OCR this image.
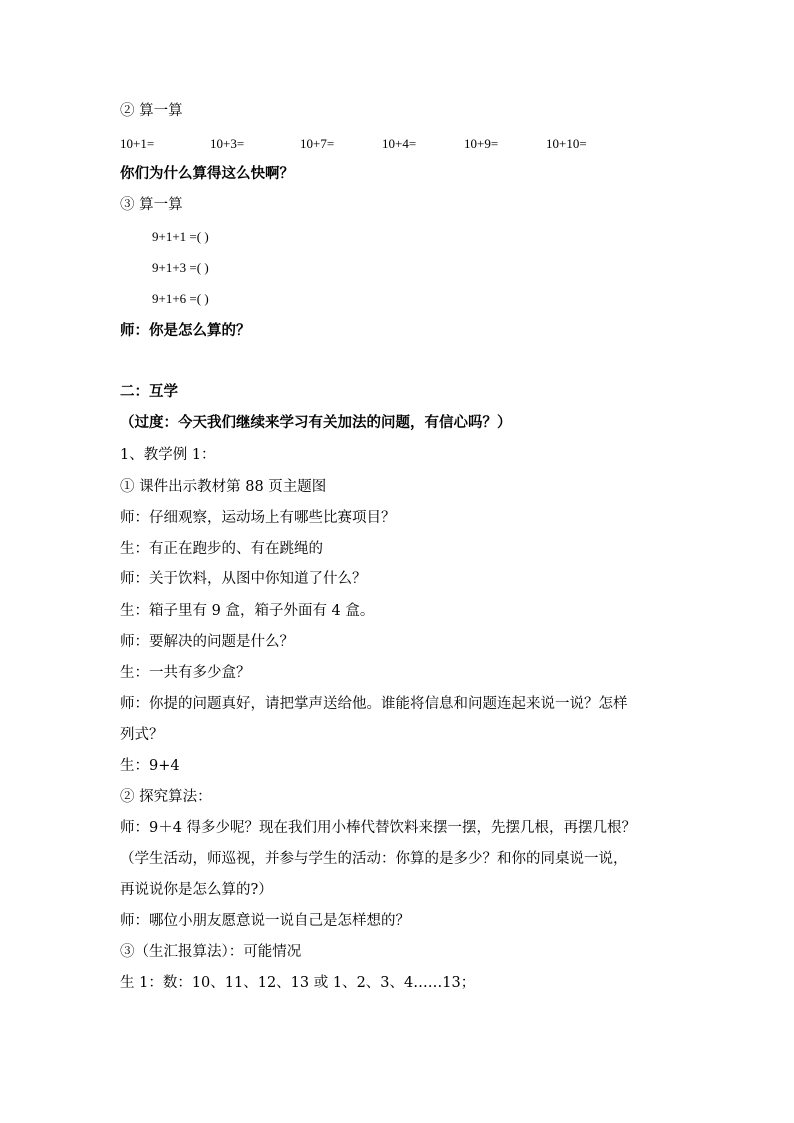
② 算一算
10+1=	10+3=	10+7=	10+4=	10+9=	10+10=
你们为什么算得这么快啊？
③ 算一算
9+1+1 =( )
9+1+3 =( )
9+1+6 =( )
师：你是怎么算的？
二：互学
（过度：今天我们继续来学习有关加法的问题，有信心吗？）
1、教学例 1：
① 课件出示教材第 88 页主题图
师：仔细观察，运动场上有哪些比赛项目？
生：有正在跑步的、有在跳绳的
师：关于饮料，从图中你知道了什么？
生：箱子里有 9 盒，箱子外面有 4 盒。
师：要解决的问题是什么？
生：一共有多少盒？
师：你提的问题真好，请把掌声送给他。谁能将信息和问题连起来说一说？怎样
列式？
生：9+4
② 探究算法：
师：9＋4 得多少呢？现在我们用小棒代替饮料来摆一摆，先摆几根，再摆几根？
（学生活动，师巡视，并参与学生的活动：你算的是多少？和你的同桌说一说，
再说说你是怎么算的?）
师：哪位小朋友愿意说一说自己是怎样想的？
③（生汇报算法）：可能情况
生 1：数：10、11、12、13 或 1、2、3、4……13；
